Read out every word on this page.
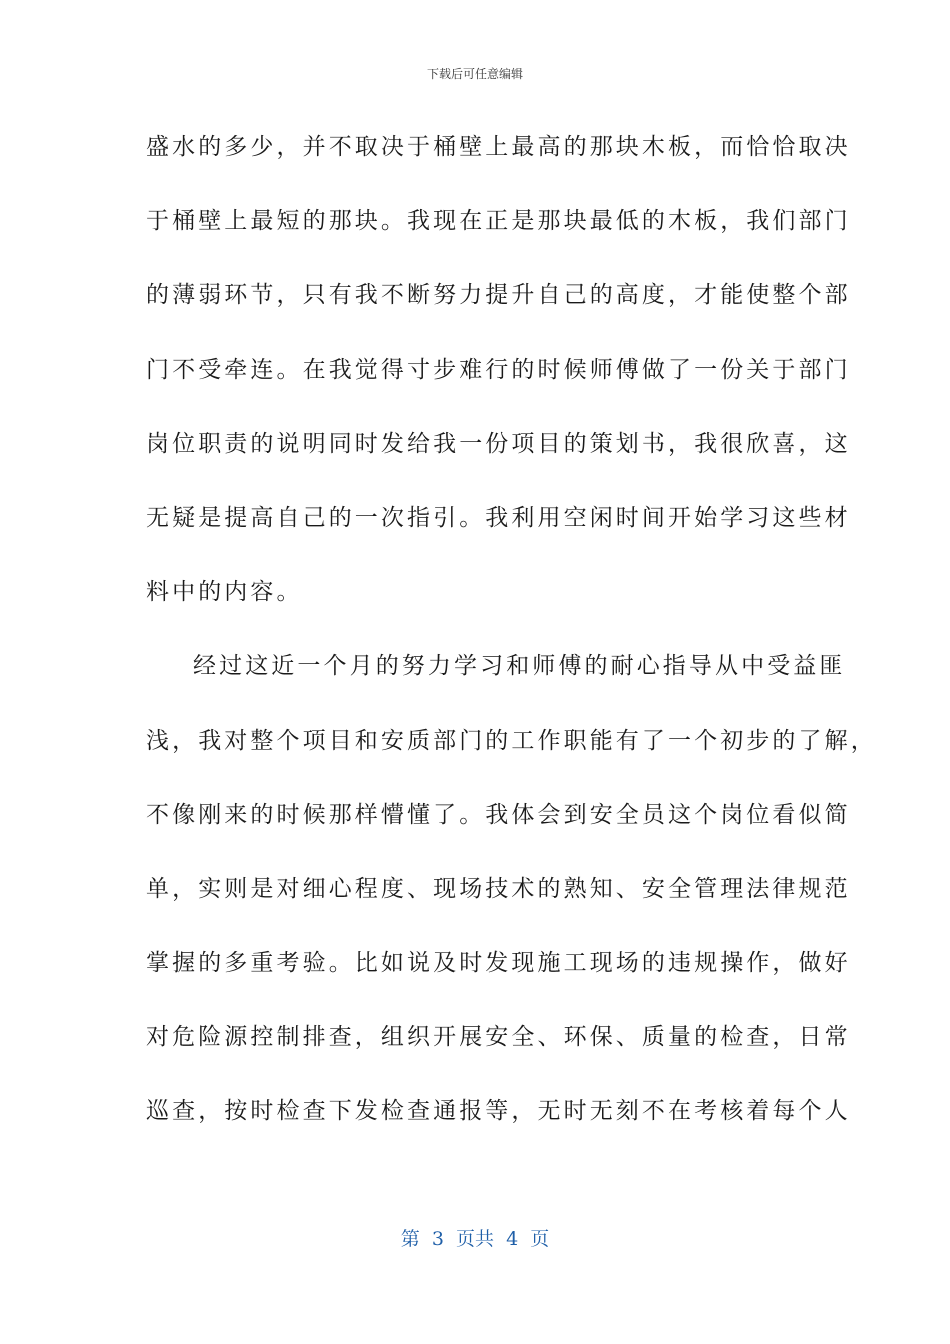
下载后可任意编辑
盛水的多少，并不取决于桶壁上最高的那块木板，而恰恰取决
于桶壁上最短的那块。我现在正是那块最低的木板，我们部门
的薄弱环节，只有我不断努力提升自己的高度，才能使整个部
门不受牵连。在我觉得寸步难行的时候师傅做了一份关于部门
岗位职责的说明同时发给我一份项目的策划书，我很欣喜，这
无疑是提高自己的一次指引。我利用空闲时间开始学习这些材
料中的内容。
经过这近一个月的努力学习和师傅的耐心指导从中受益匪
浅，我对整个项目和安质部门的工作职能有了一个初步的了解，
不像刚来的时候那样懵懂了。我体会到安全员这个岗位看似简
单，实则是对细心程度、现场技术的熟知、安全管理法律规范
掌握的多重考验。比如说及时发现施工现场的违规操作，做好
对危险源控制排查，组织开展安全、环保、质量的检查，日常
巡查，按时检查下发检查通报等，无时无刻不在考核着每个人
第  3  页共  4  页
